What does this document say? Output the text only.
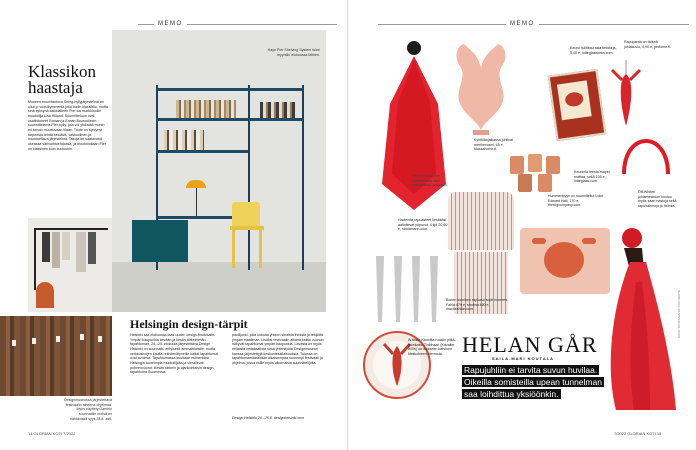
MEMO
Hayn Pier Shelving System tulee myyntiin elokuussa lähtien.
Klassikon haastaja
Moneen muuntautuva String-hyllyjärjestelmä on ollut jo vuosikymmeniä joka kodin klassikko, mutta sinä syksynä kaikkialleen Pier sai markkinoille muotoilija Lisa Hilland. Suunnitteluun ovat osallistuneet Roman ja Erwan Bouroullecin suunnittelema Pier-hylly, jota voi yhdistää monin eri tavoin muuttuvaan tilaan. Tuote on syntynyt tarpeesta tehdä kestävä, vastuullinen ja muunneltava järjestelmä. Tasoja on saatavana useassa värivaihtoehdossa, ja muotoilultaan Pier on klassinen kuin kuuluukin.
Designmuseossa järjestettävä festivaalin aiheena ohjelmaa. Myös näyttely Gambio suunnattiin metsä on nähtävissä syys 28.8. asti.
Helsingin design-tärpit
Helsinki saa elokuussa taas uuden design-festivaalin. Ympäri kaupunkia kevään ja kesän tärkeimmän tapahtuman, 24.–25. elokuuta järjestettävä Design Helsinki on suunnattu erityisesti ammattilaisille, mutta verkkosivujen kautta rekisteröityneille kaikki tapahtumat ovat avoimia. Tapahtumassa kuultaan esimerkiksi Helsingin tuoreimpia muotoilijoita ja vierailevat puheenvuorot. Kesän tärkein ja ajankohtaisin design-tapahtuma Suomessa.
pavilijonki, joka kokoaa yhteen sinaista ihmistä ja tekijöitä ympäri maailman. Lisäksi festivaalin aikana kaikki vuoroin näkyvät tapahtumat ympäri kaupunkia. Lavasta on myös erillaista installaatiota sekä yhteistyötä Designmuseon kanssa järjestettyjä keskustelutilaisuuksia. Tulossa on tapahtumamäärältään aikaisempaa suurempi festivaali ja ohjelma, jossa esille myös ulkomaisia suunnittelijoita.
Design Helsinki 24.–25.8. designhelsinki.com
14 GLORIAN KOTI 7/2022
MEMO
Tässä Off-Whiten kokoelmasta näet rapuaiheisia kuosiaan.
Kynttilänjalkassa juhlivat merihevoset, 45 e, blossahome.fi.
Keuno tulitikkurasia tietokirja, 5,40 e, lotteglasworks.com.
Rapupanta on tärkeä juhlakuvio, 4,90 e, perfume.fi.
Keuninla teesta mapei mattaa, sekä 105 e, lotteglass.com.
Hacienda rapuasteet kesäkäsi aaltoilevat yöpuvut, 4 kpl 20,60 e, stockmann.com.
Hummeripyyn on suunnitellut Luke Edward Hall, 170 e, therugcompany.com.
Boden suloinen rapuasu sopii moneen. Fahla 479 e, sholma 460 e, macheshion.com.
Off-Whiten juhlamekkoon kuuluu myös saan nastoja sekä rapuhahmoja ja helmia.
KUVA: STOCKMANN / OFF-WHITE
Arabian Kauniita ruokiin pitkä-juurikasvi Tinkihaari (Kavalier 800s) on luokseen karvinen kiekkoineen kierrosta. HELAN GÅR
SAILA-MARI KOUTALA
Rapujuhliin ei tarvita suvun huvilaa. Oikeilla somisteilla upean tunnelman saa loihdittua yksiöönkin.
7/2022 GLORIAN KOTI 15
